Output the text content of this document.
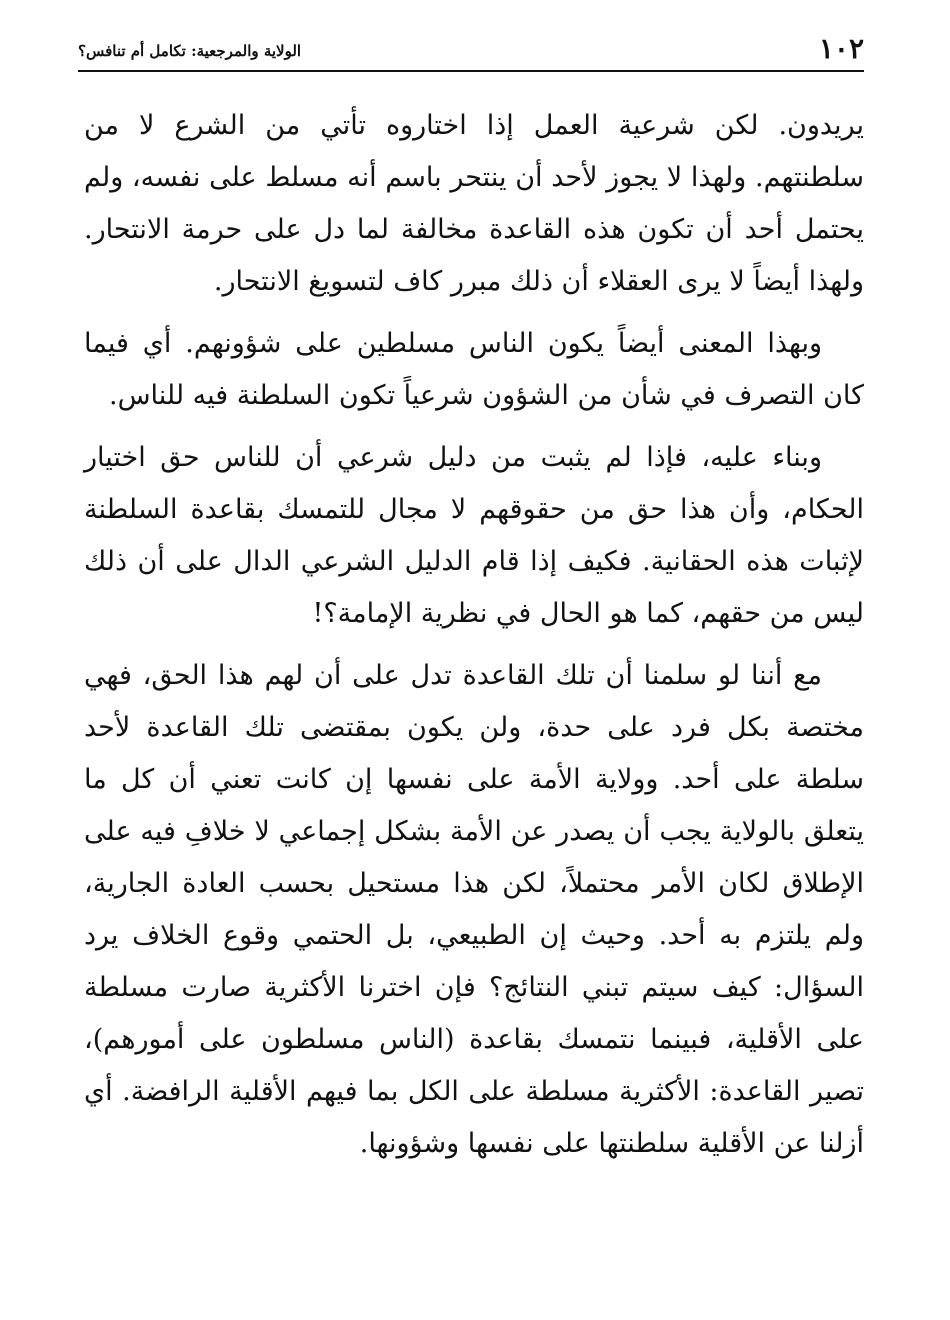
١٠٢
الولاية والمرجعية: تكامل أم تنافس؟

يريدون. لكن شرعية العمل إذا اختاروه تأتي من الشرع لا من سلطنتهم. ولهذا لا يجوز لأحد أن ينتحر باسم أنه مسلط على نفسه، ولم يحتمل أحد أن تكون هذه القاعدة مخالفة لما دل على حرمة الانتحار. ولهذا أيضاً لا يرى العقلاء أن ذلك مبرر كاف لتسويغ الانتحار.

وبهذا المعنى أيضاً يكون الناس مسلطين على شؤونهم. أي فيما كان التصرف في شأن من الشؤون شرعياً تكون السلطنة فيه للناس.

وبناء عليه، فإذا لم يثبت من دليل شرعي أن للناس حق اختيار الحكام، وأن هذا حق من حقوقهم لا مجال للتمسك بقاعدة السلطنة لإثبات هذه الحقانية. فكيف إذا قام الدليل الشرعي الدال على أن ذلك ليس من حقهم، كما هو الحال في نظرية الإمامة؟!

مع أننا لو سلمنا أن تلك القاعدة تدل على أن لهم هذا الحق، فهي مختصة بكل فرد على حدة، ولن يكون بمقتضى تلك القاعدة لأحد سلطة على أحد. وولاية الأمة على نفسها إن كانت تعني أن كل ما يتعلق بالولاية يجب أن يصدر عن الأمة بشكل إجماعي لا خلافِ فيه على الإطلاق لكان الأمر محتملاً، لكن هذا مستحيل بحسب العادة الجارية، ولم يلتزم به أحد. وحيث إن الطبيعي، بل الحتمي وقوع الخلاف يرد السؤال: كيف سيتم تبني النتائج؟ فإن اخترنا الأكثرية صارت مسلطة على الأقلية، فبينما نتمسك بقاعدة (الناس مسلطون على أمورهم)، تصير القاعدة: الأكثرية مسلطة على الكل بما فيهم الأقلية الرافضة. أي أزلنا عن الأقلية سلطنتها على نفسها وشؤونها.
